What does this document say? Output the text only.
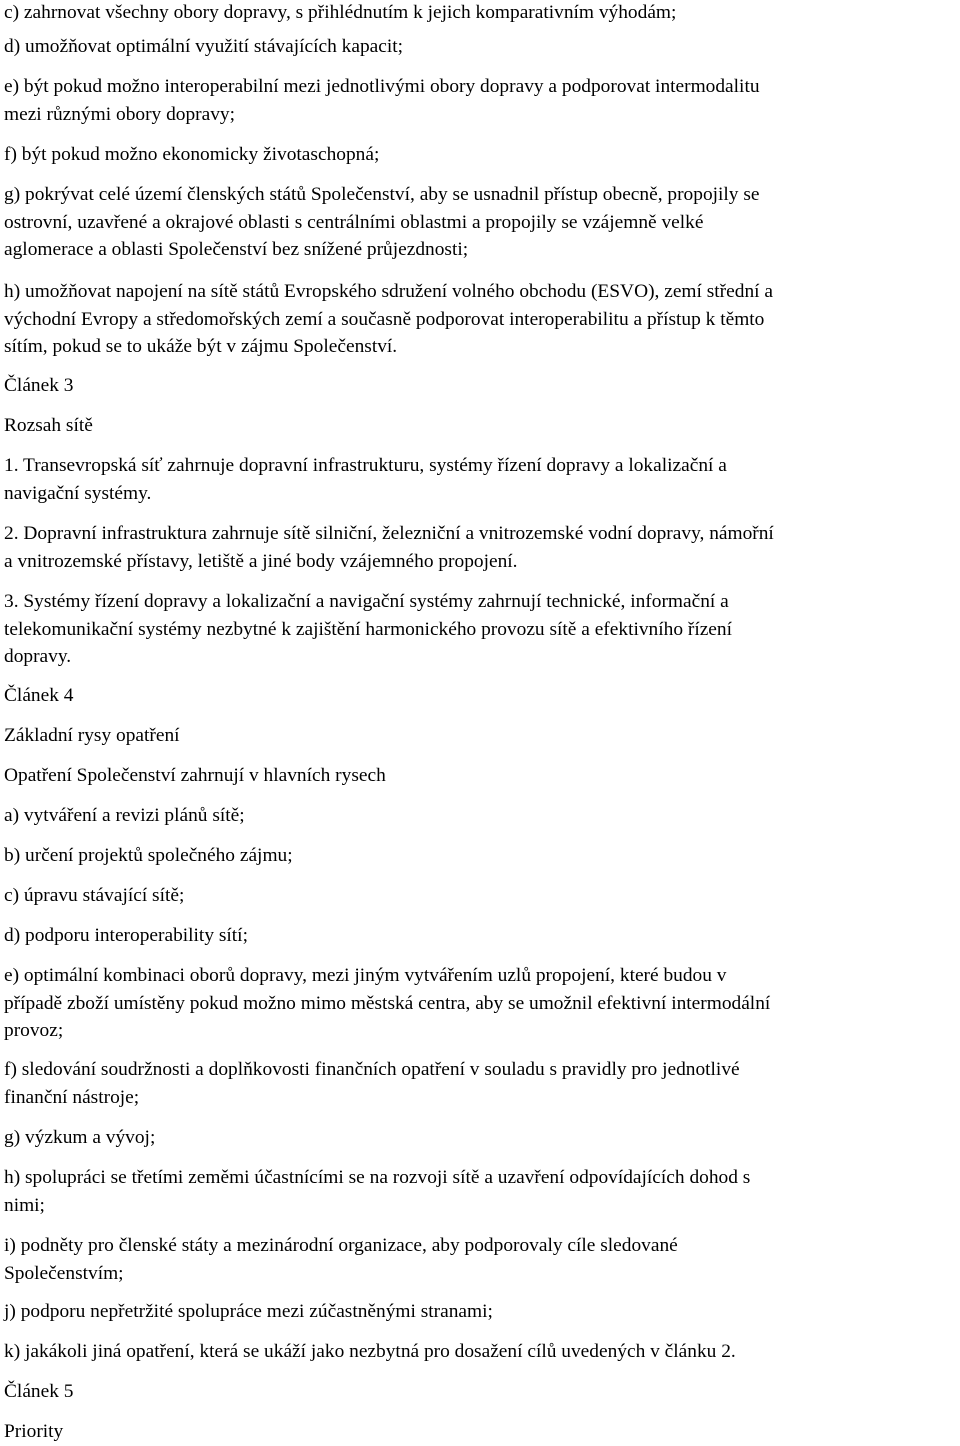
c) zahrnovat všechny obory dopravy, s přihlédnutím k jejich komparativním výhodám;
d) umožňovat optimální využití stávajících kapacit;
e) být pokud možno interoperabilní mezi jednotlivými obory dopravy a podporovat intermodalitu
mezi různými obory dopravy;
f) být pokud možno ekonomicky životaschopná;
g) pokrývat celé území členských států Společenství, aby se usnadnil přístup obecně, propojily se
ostrovní, uzavřené a okrajové oblasti s centrálními oblastmi a propojily se vzájemně velké
aglomerace a oblasti Společenství bez snížené průjezdnosti;
h) umožňovat napojení na sítě států Evropského sdružení volného obchodu (ESVO), zemí střední a
východní Evropy a středomořských zemí a současně podporovat interoperabilitu a přístup k těmto
sítím, pokud se to ukáže být v zájmu Společenství.
Článek 3
Rozsah sítě
1. Transevropská síť zahrnuje dopravní infrastrukturu, systémy řízení dopravy a lokalizační a
navigační systémy.
2. Dopravní infrastruktura zahrnuje sítě silniční, železniční a vnitrozemské vodní dopravy, námořní
a vnitrozemské přístavy, letiště a jiné body vzájemného propojení.
3. Systémy řízení dopravy a lokalizační a navigační systémy zahrnují technické, informační a
telekomunikační systémy nezbytné k zajištění harmonického provozu sítě a efektivního řízení
dopravy.
Článek 4
Základní rysy opatření
Opatření Společenství zahrnují v hlavních rysech
a) vytváření a revizi plánů sítě;
b) určení projektů společného zájmu;
c) úpravu stávající sítě;
d) podporu interoperability sítí;
e) optimální kombinaci oborů dopravy, mezi jiným vytvářením uzlů propojení, které budou v
případě zboží umístěny pokud možno mimo městská centra, aby se umožnil efektivní intermodální
provoz;
f) sledování soudržnosti a doplňkovosti finančních opatření v souladu s pravidly pro jednotlivé
finanční nástroje;
g) výzkum a vývoj;
h) spolupráci se třetími zeměmi účastnícími se na rozvoji sítě a uzavření odpovídajících dohod s
nimi;
i) podněty pro členské státy a mezinárodní organizace, aby podporovaly cíle sledované
Společenstvím;
j) podporu nepřetržité spolupráce mezi zúčastněnými stranami;
k) jakákoli jiná opatření, která se ukáží jako nezbytná pro dosažení cílů uvedených v článku 2.
Článek 5
Priority
